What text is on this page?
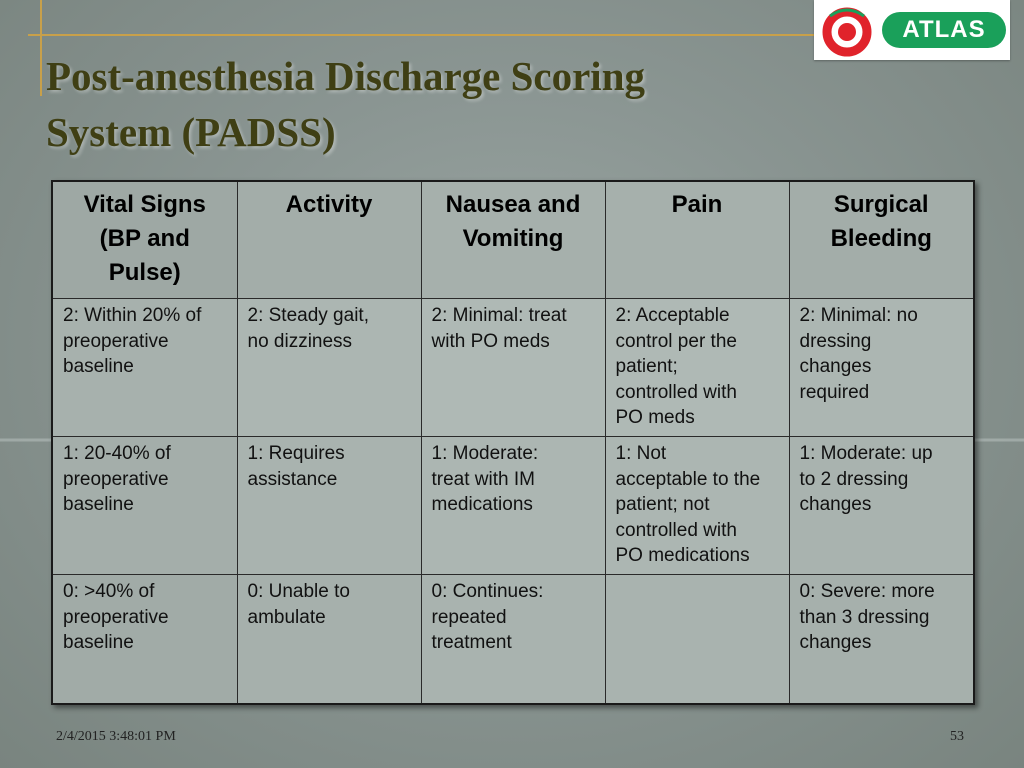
Post-anesthesia Discharge Scoring
System (PADSS)
ATLAS
Vital Signs
(BP and
Pulse)	Activity	Nausea and
Vomiting	Pain	Surgical
Bleeding
2: Within 20% of
preoperative
baseline	2: Steady gait,
no dizziness	2: Minimal: treat
with PO meds	2: Acceptable
control per the
patient;
controlled with
PO meds	2: Minimal: no
dressing
changes
required
1: 20-40% of
preoperative
baseline	1: Requires
assistance	1: Moderate:
treat with IM
medications	1: Not
acceptable to the
patient; not
controlled with
PO medications	1: Moderate: up
to 2 dressing
changes
0: >40% of
preoperative
baseline	0: Unable to
ambulate	0: Continues:
repeated
treatment		0: Severe: more
than 3 dressing
changes
2/4/2015 3:48:01 PM	53
